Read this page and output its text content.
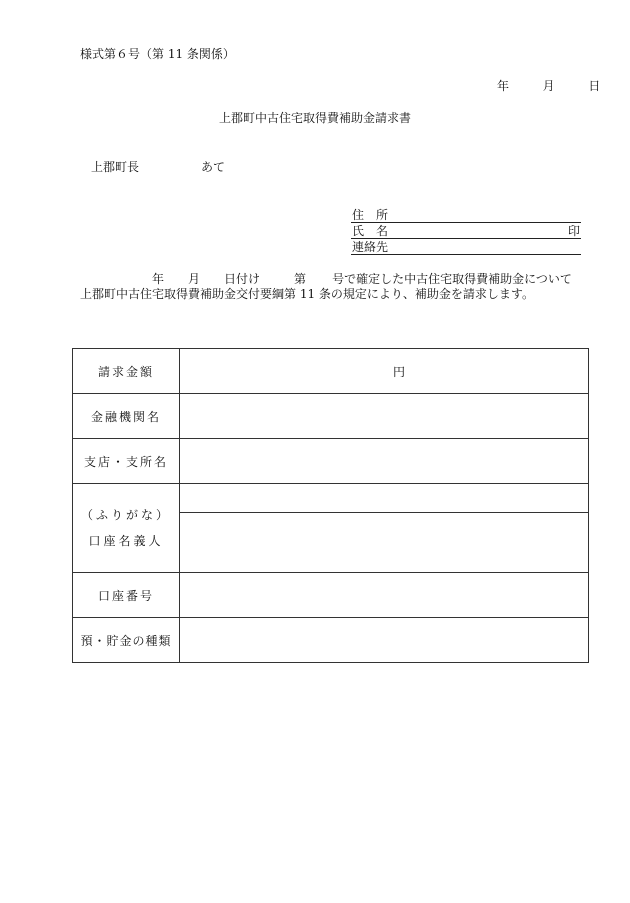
様式第６号（第 11 条関係）
年	月	日
上郡町中古住宅取得費補助金請求書
上郡町長	あて
住　所
氏　名	印
連絡先
年 月 日付け	第 号で確定した中古住宅取得費補助金について
上郡町中古住宅取得費補助金交付要綱第 11 条の規定により、補助金を請求します。
請求金額	円
金融機関名	
支店・支所名	

（ふりがな）
口座名義人	

口座番号	
預・貯金の種類	
